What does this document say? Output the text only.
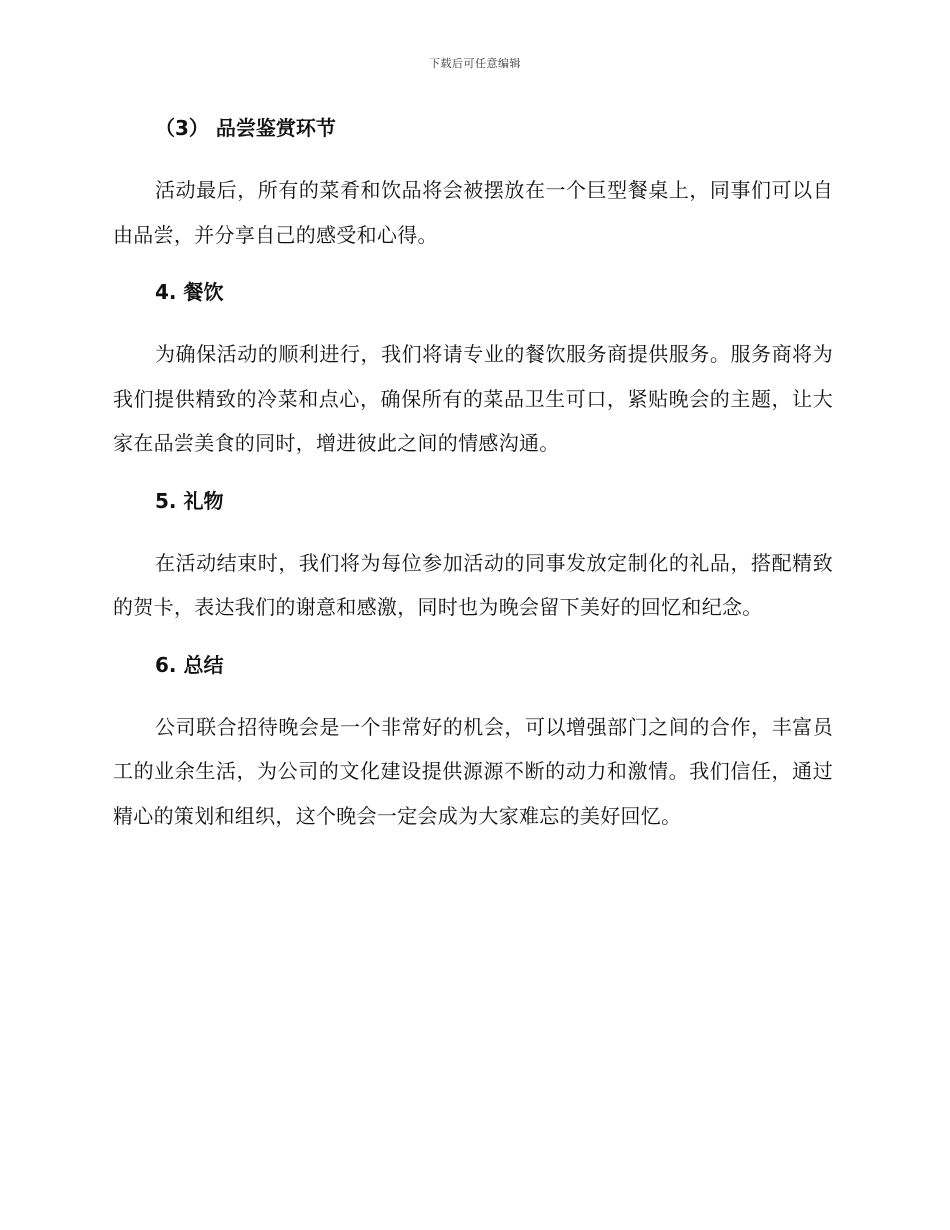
下载后可任意编辑
（3） 品尝鉴赏环节

活动最后，所有的菜肴和饮品将会被摆放在一个巨型餐桌上，同事们可以自由品尝，并分享自己的感受和心得。

4. 餐饮

为确保活动的顺利进行，我们将请专业的餐饮服务商提供服务。服务商将为我们提供精致的冷菜和点心，确保所有的菜品卫生可口，紧贴晚会的主题，让大家在品尝美食的同时，增进彼此之间的情感沟通。

5. 礼物

在活动结束时，我们将为每位参加活动的同事发放定制化的礼品，搭配精致的贺卡，表达我们的谢意和感激，同时也为晚会留下美好的回忆和纪念。

6. 总结

公司联合招待晚会是一个非常好的机会，可以增强部门之间的合作，丰富员工的业余生活，为公司的文化建设提供源源不断的动力和激情。我们信任，通过精心的策划和组织，这个晚会一定会成为大家难忘的美好回忆。
